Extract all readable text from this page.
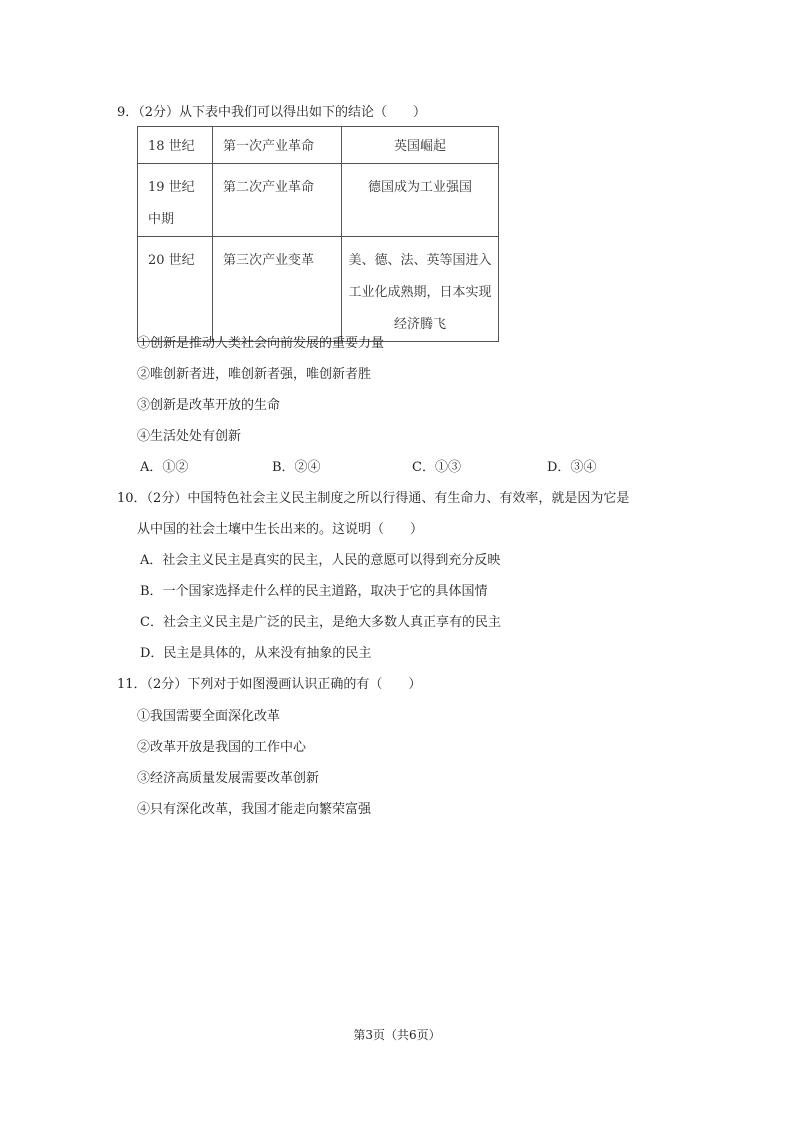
9．（2分）从下表中我们可以得出如下的结论（　　）
18 世纪	第一次产业革命	英国崛起
19 世纪中期	第二次产业革命	德国成为工业强国
20 世纪	第三次产业变革	美、德、法、英等国进入工业化成熟期，日本实现经济腾飞
①创新是推动人类社会向前发展的重要力量
②唯创新者进，唯创新者强，唯创新者胜
③创新是改革开放的生命
④生活处处有创新
A．①②	B．②④	C．①③	D．③④
10．（2分）中国特色社会主义民主制度之所以行得通、有生命力、有效率，就是因为它是
从中国的社会土壤中生长出来的。这说明（　　）
A．社会主义民主是真实的民主，人民的意愿可以得到充分反映
B．一个国家选择走什么样的民主道路，取决于它的具体国情
C．社会主义民主是广泛的民主，是绝大多数人真正享有的民主
D．民主是具体的，从来没有抽象的民主
11．（2分）下列对于如图漫画认识正确的有（　　）
①我国需要全面深化改革
②改革开放是我国的工作中心
③经济高质量发展需要改革创新
④只有深化改革，我国才能走向繁荣富强
第3页（共6页）
